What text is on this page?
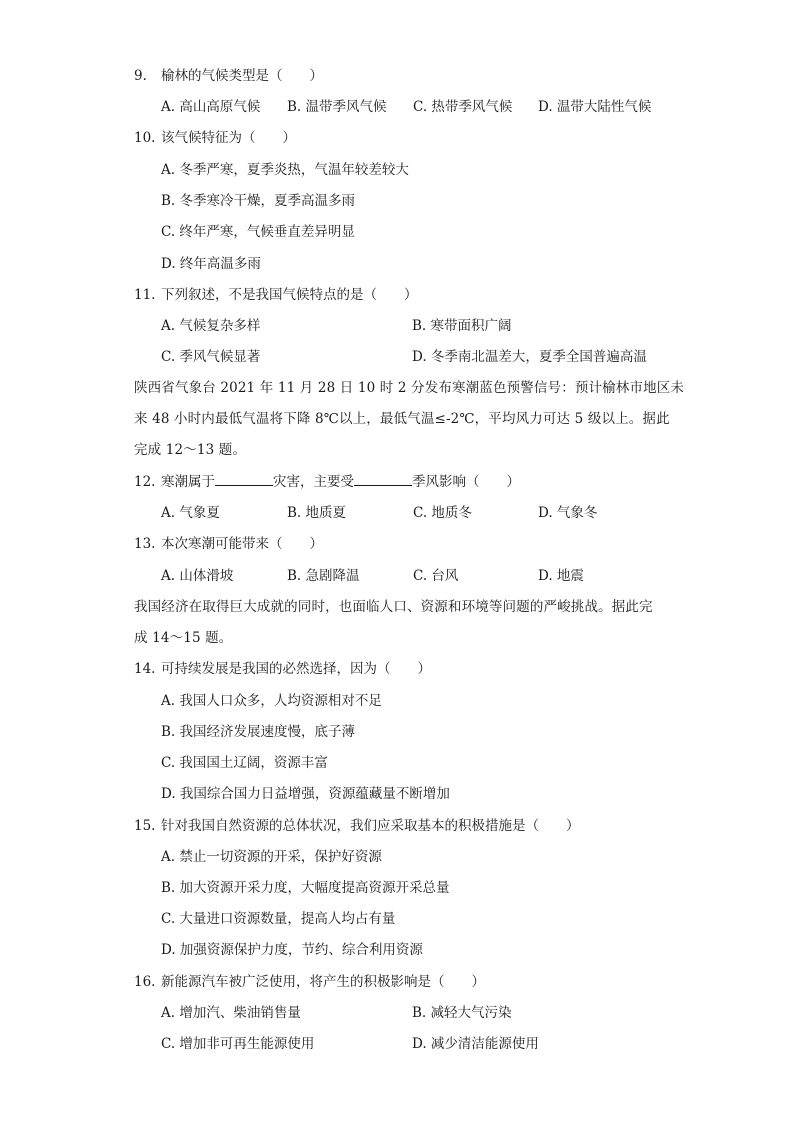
9. 榆林的气候类型是（　　）
A. 高山高原气候 B. 温带季风气候 C. 热带季风气候 D. 温带大陆性气候
10. 该气候特征为（　　）
A. 冬季严寒，夏季炎热，气温年较差较大
B. 冬季寒冷干燥，夏季高温多雨
C. 终年严寒，气候垂直差异明显
D. 终年高温多雨
11. 下列叙述，不是我国气候特点的是（　　）
A. 气候复杂多样	B. 寒带面积广阔
C. 季风气候显著	D. 冬季南北温差大，夏季全国普遍高温
陕西省气象台 2021 年 11 月 28 日 10 时 2 分发布寒潮蓝色预警信号：预计榆林市地区未
来 48 小时内最低气温将下降 8℃以上，最低气温≤-2℃，平均风力可达 5 级以上。据此
完成 12～13 题。
12. 寒潮属于	灾害，主要受	季风影响（　　）
A. 气象夏	B. 地质夏	C. 地质冬	D. 气象冬
13. 本次寒潮可能带来（　　）
A. 山体滑坡	B. 急剧降温	C. 台风	D. 地震
我国经济在取得巨大成就的同时，也面临人口、资源和环境等问题的严峻挑战。据此完
成 14～15 题。
14. 可持续发展是我国的必然选择，因为（　　）
A. 我国人口众多，人均资源相对不足
B. 我国经济发展速度慢，底子薄
C. 我国国土辽阔，资源丰富
D. 我国综合国力日益增强，资源蕴藏量不断增加
15. 针对我国自然资源的总体状况，我们应采取基本的积极措施是（　　）
A. 禁止一切资源的开采，保护好资源
B. 加大资源开采力度，大幅度提高资源开采总量
C. 大量进口资源数量，提高人均占有量
D. 加强资源保护力度，节约、综合利用资源
16. 新能源汽车被广泛使用，将产生的积极影响是（　　）
A. 增加汽、柴油销售量	B. 减轻大气污染
C. 增加非可再生能源使用	D. 减少清洁能源使用
